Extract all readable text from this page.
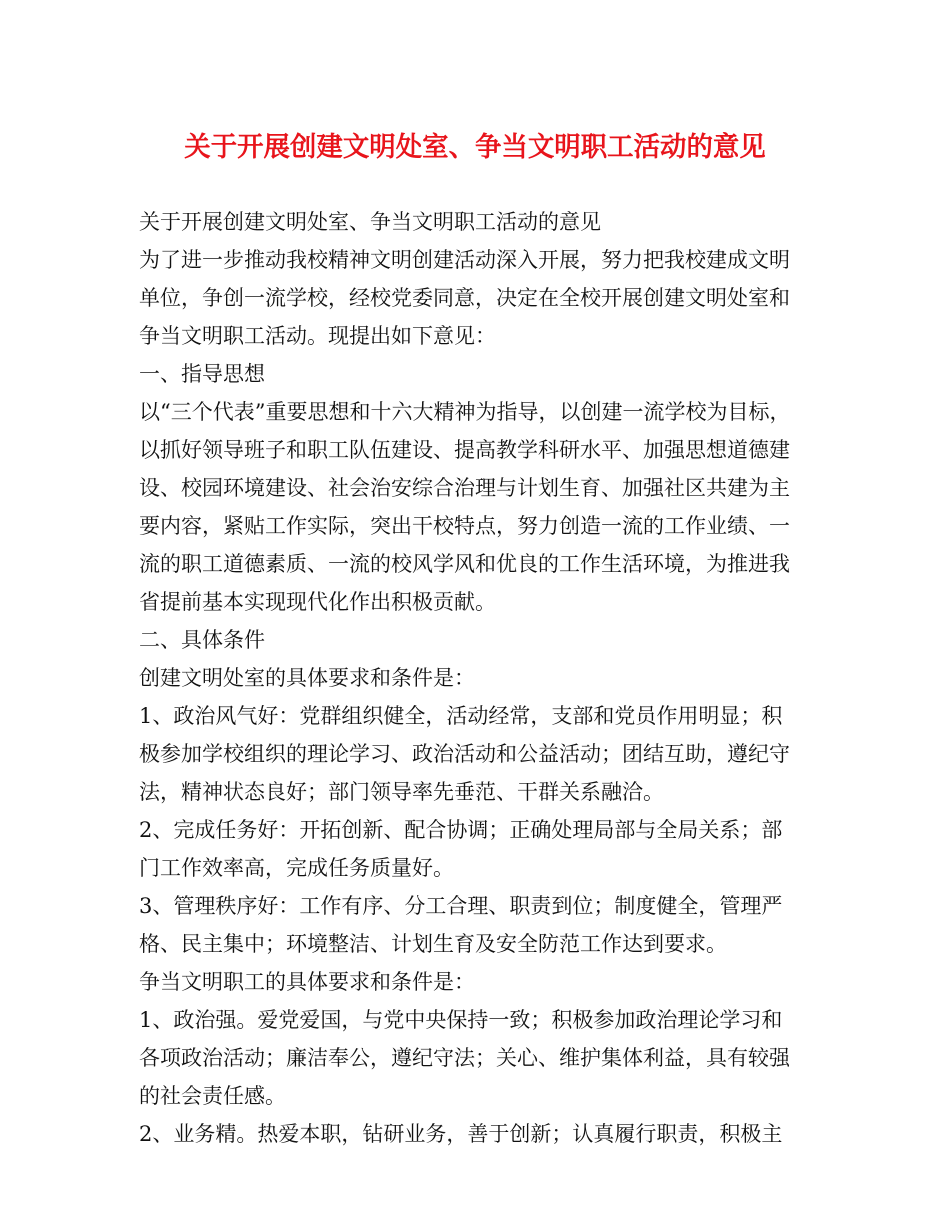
关于开展创建文明处室、争当文明职工活动的意见
关于开展创建文明处室、争当文明职工活动的意见
为了进一步推动我校精神文明创建活动深入开展，努力把我校建成文明
单位，争创一流学校，经校党委同意，决定在全校开展创建文明处室和
争当文明职工活动。现提出如下意见：
一、指导思想
以“三个代表”重要思想和十六大精神为指导，以创建一流学校为目标，
以抓好领导班子和职工队伍建设、提高教学科研水平、加强思想道德建
设、校园环境建设、社会治安综合治理与计划生育、加强社区共建为主
要内容，紧贴工作实际，突出干校特点，努力创造一流的工作业绩、一
流的职工道德素质、一流的校风学风和优良的工作生活环境，为推进我
省提前基本实现现代化作出积极贡献。
二、具体条件
创建文明处室的具体要求和条件是：
1、政治风气好：党群组织健全，活动经常，支部和党员作用明显；积
极参加学校组织的理论学习、政治活动和公益活动；团结互助，遵纪守
法，精神状态良好；部门领导率先垂范、干群关系融洽。
2、完成任务好：开拓创新、配合协调；正确处理局部与全局关系；部
门工作效率高，完成任务质量好。
3、管理秩序好：工作有序、分工合理、职责到位；制度健全，管理严
格、民主集中；环境整洁、计划生育及安全防范工作达到要求。
争当文明职工的具体要求和条件是：
1、政治强。爱党爱国，与党中央保持一致；积极参加政治理论学习和
各项政治活动；廉洁奉公，遵纪守法；关心、维护集体利益，具有较强
的社会责任感。
2、业务精。热爱本职，钻研业务，善于创新；认真履行职责，积极主
